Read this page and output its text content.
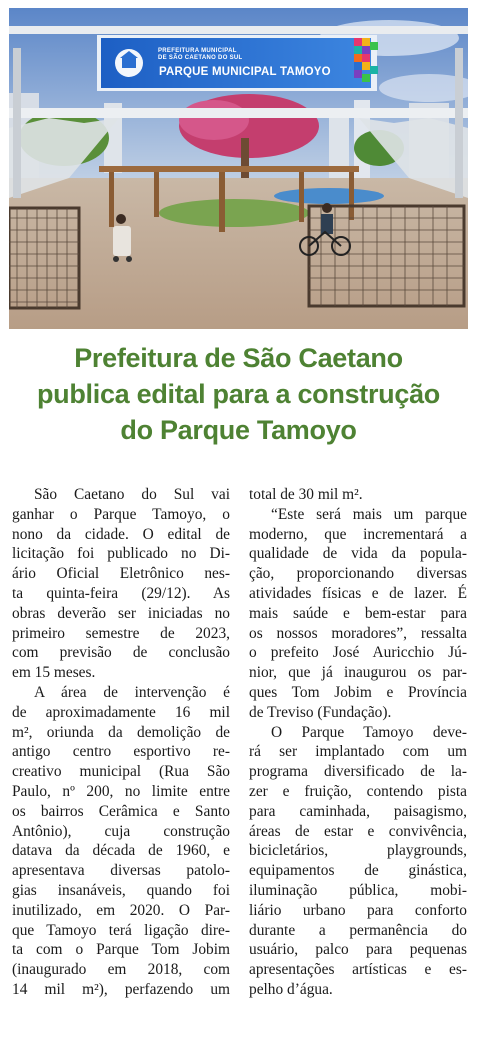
PREFEITURA MUNICIPAL
DE SÃO CAETANO DO SUL
PARQUE MUNICIPAL TAMOYO
Prefeitura de São Caetano
publica edital para a construção
do Parque Tamoyo
São Caetano do Sul vai
ganhar o Parque Tamoyo, o
nono da cidade. O edital de
licitação foi publicado no Di-
ário Oficial Eletrônico nes-
ta quinta-feira (29/12). As
obras deverão ser iniciadas no
primeiro semestre de 2023,
com previsão de conclusão
em 15 meses.
A área de intervenção é
de aproximadamente 16 mil
m², oriunda da demolição de
antigo centro esportivo re-
creativo municipal (Rua São
Paulo, nº 200, no limite entre
os bairros Cerâmica e Santo
Antônio), cuja construção
datava da década de 1960, e
apresentava diversas patolo-
gias insanáveis, quando foi
inutilizado, em 2020. O Par-
que Tamoyo terá ligação dire-
ta com o Parque Tom Jobim
(inaugurado em 2018, com
14 mil m²), perfazendo um
total de 30 mil m².
“Este será mais um parque
moderno, que incrementará a
qualidade de vida da popula-
ção, proporcionando diversas
atividades físicas e de lazer. É
mais saúde e bem-estar para
os nossos moradores”, ressalta
o prefeito José Auricchio Jú-
nior, que já inaugurou os par-
ques Tom Jobim e Província
de Treviso (Fundação).
O Parque Tamoyo deve-
rá ser implantado com um
programa diversificado de la-
zer e fruição, contendo pista
para caminhada, paisagismo,
áreas de estar e convivência,
bicicletários, playgrounds,
equipamentos de ginástica,
iluminação pública, mobi-
liário urbano para conforto
durante a permanência do
usuário, palco para pequenas
apresentações artísticas e es-
pelho d’água.
